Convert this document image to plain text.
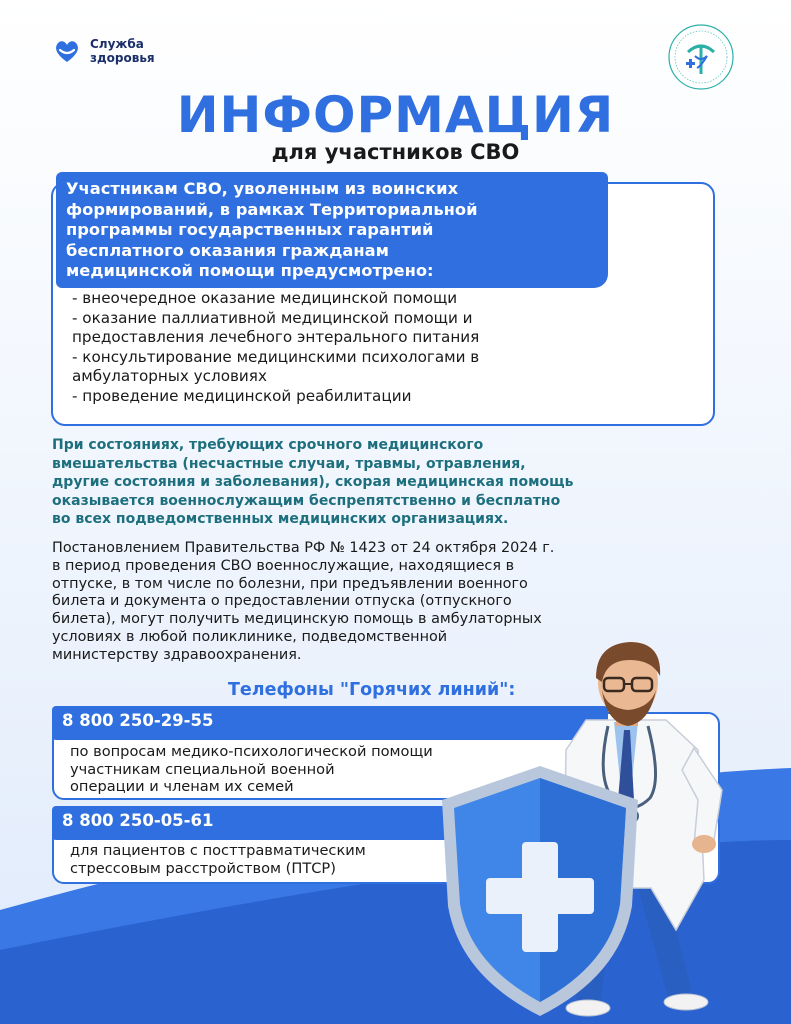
Служба
здоровья
ИНФОРМАЦИЯ
для участников СВО
Участникам СВО, уволенным из воинских
формирований, в рамках Территориальной
программы государственных гарантий
бесплатного оказания гражданам
медицинской помощи предусмотрено:
- внеочередное оказание медицинской помощи
- оказание паллиативной медицинской помощи и
предоставления лечебного энтерального питания
- консультирование медицинскими психологами в
амбулаторных условиях
- проведение медицинской реабилитации
При состояниях, требующих срочного медицинского
вмешательства (несчастные случаи, травмы, отравления,
другие состояния и заболевания), скорая медицинская помощь
оказывается военнослужащим беспрепятственно и бесплатно
во всех подведомственных медицинских организациях.
Постановлением Правительства РФ № 1423 от 24 октября 2024 г.
в период проведения СВО военнослужащие, находящиеся в
отпуске, в том числе по болезни, при предъявлении военного
билета и документа о предоставлении отпуска (отпускного
билета), могут получить медицинскую помощь в амбулаторных
условиях в любой поликлинике, подведомственной
министерству здравоохранения.
Телефоны "Горячих линий":
8 800 250-29-55
по вопросам медико-психологической помощи
участникам специальной военной
операции и членам их семей
8 800 250-05-61
для пациентов с посттравматическим
стрессовым расстройством (ПТСР)
